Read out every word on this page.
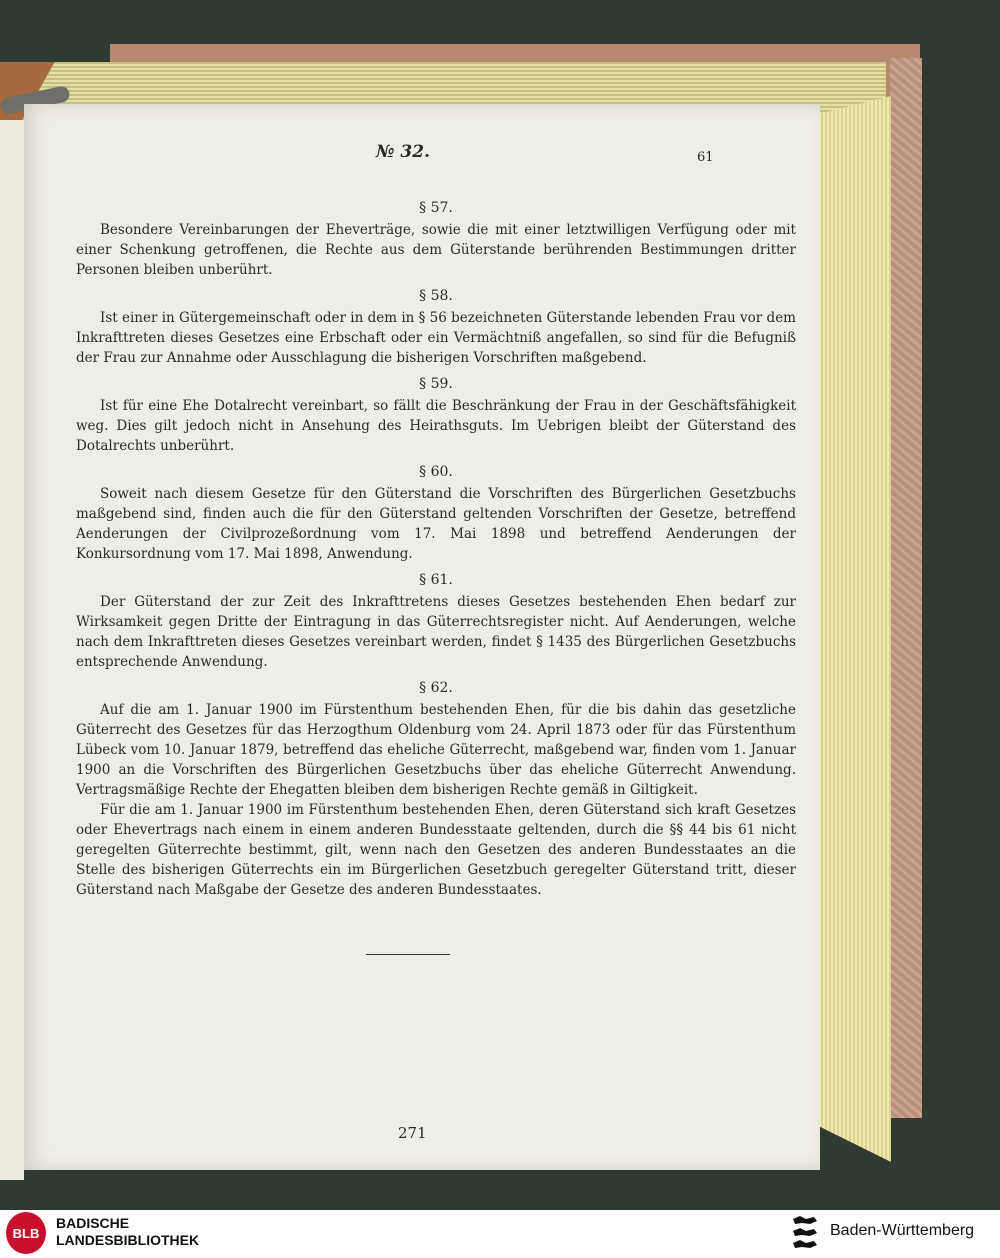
§ 57.

Besondere Vereinbarungen der Eheverträge, sowie die mit einer letztwilligen Verfügung oder mit einer Schenkung getroffenen, die Rechte aus dem Güterstande berührenden Bestimmungen dritter Personen bleiben unberührt.

§ 58.

Ist einer in Gütergemeinschaft oder in dem in § 56 bezeichneten Güterstande lebenden Frau vor dem Inkrafttreten dieses Gesetzes eine Erbschaft oder ein Vermächtniß angefallen, so sind für die Befugniß der Frau zur Annahme oder Ausschlagung die bisherigen Vorschriften maßgebend.

§ 59.

Ist für eine Ehe Dotalrecht vereinbart, so fällt die Beschränkung der Frau in der Geschäftsfähigkeit weg. Dies gilt jedoch nicht in Ansehung des Heirathsguts. Im Uebrigen bleibt der Güterstand des Dotalrechts unberührt.

§ 60.

Soweit nach diesem Gesetze für den Güterstand die Vorschriften des Bürgerlichen Gesetzbuchs maßgebend sind, finden auch die für den Güterstand geltenden Vorschriften der Gesetze, betreffend Aenderungen der Civilprozeßordnung vom 17. Mai 1898 und betreffend Aenderungen der Konkursordnung vom 17. Mai 1898, Anwendung.

§ 61.

Der Güterstand der zur Zeit des Inkrafttretens dieses Gesetzes bestehenden Ehen bedarf zur Wirksamkeit gegen Dritte der Eintragung in das Güterrechtsregister nicht. Auf Aenderungen, welche nach dem Inkrafttreten dieses Gesetzes vereinbart werden, findet § 1435 des Bürgerlichen Gesetzbuchs entsprechende Anwendung.

§ 62.

Auf die am 1. Januar 1900 im Fürstenthum bestehenden Ehen, für die bis dahin das gesetzliche Güterrecht des Gesetzes für das Herzogthum Oldenburg vom 24. April 1873 oder für das Fürstenthum Lübeck vom 10. Januar 1879, betreffend das eheliche Güterrecht, maßgebend war, finden vom 1. Januar 1900 an die Vorschriften des Bürgerlichen Gesetzbuchs über das eheliche Güterrecht Anwendung. Vertragsmäßige Rechte der Ehegatten bleiben dem bisherigen Rechte gemäß in Giltigkeit.

Für die am 1. Januar 1900 im Fürstenthum bestehenden Ehen, deren Güterstand sich kraft Gesetzes oder Ehevertrags nach einem in einem anderen Bundesstaate geltenden, durch die §§ 44 bis 61 nicht geregelten Güterrechte bestimmt, gilt, wenn nach den Gesetzen des anderen Bundesstaates an die Stelle des bisherigen Güterrechts ein im Bürgerlichen Gesetzbuch geregelter Güterstand tritt, dieser Güterstand nach Maßgabe der Gesetze des anderen Bundesstaates.

№ 32.	61
271
BLB
BADISCHE
LANDESBIBLIOTHEK
Baden-Württemberg
